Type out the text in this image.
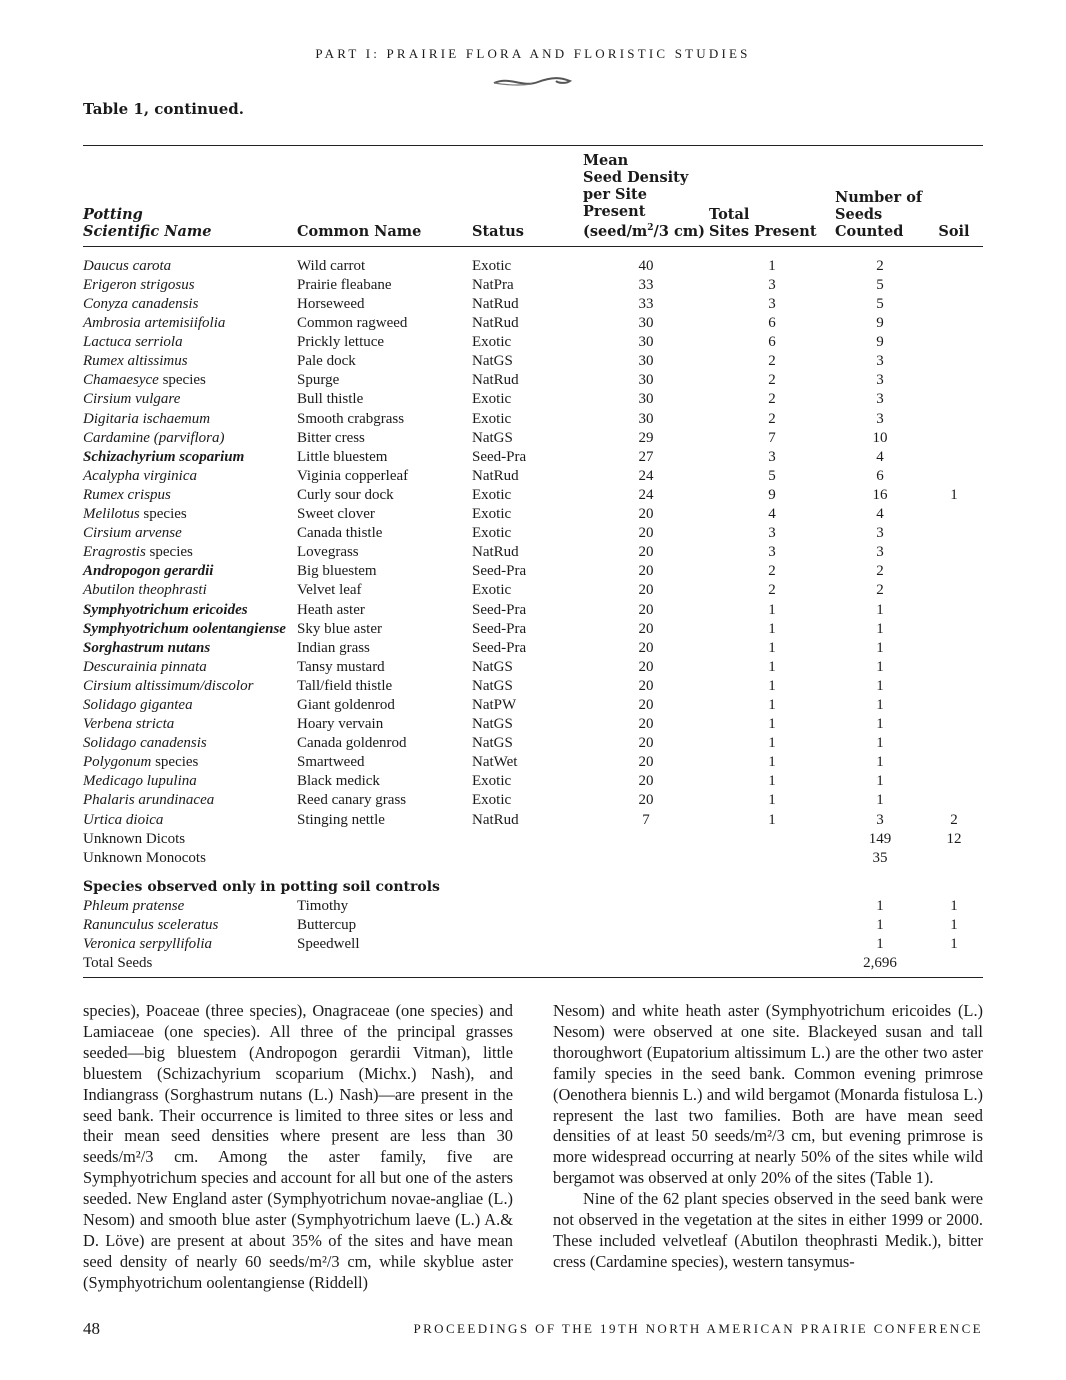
PART I: PRAIRIE FLORA AND FLORISTIC STUDIES
Table 1, continued.
Potting
Scientific Name	Common Name	Status	Mean
Seed Density
per Site Present
($seed/m^2/3$ cm)	Total
Sites Present	Number of
Seeds
Counted	Soil
Daucus carota	Wild carrot	Exotic	40	1	2	
Erigeron strigosus	Prairie fleabane	NatPra	33	3	5	
Conyza canadensis	Horseweed	NatRud	33	3	5	
Ambrosia artemisiifolia	Common ragweed	NatRud	30	6	9	
Lactuca serriola	Prickly lettuce	Exotic	30	6	9	
Rumex altissimus	Pale dock	NatGS	30	2	3	
Chamaesyce species	Spurge	NatRud	30	2	3	
Cirsium vulgare	Bull thistle	Exotic	30	2	3	
Digitaria ischaemum	Smooth crabgrass	Exotic	30	2	3	
Cardamine (parviflora)	Bitter cress	NatGS	29	7	10	
Schizachyrium scoparium	Little bluestem	Seed-Pra	27	3	4	
Acalypha virginica	Viginia copperleaf	NatRud	24	5	6	
Rumex crispus	Curly sour dock	Exotic	24	9	16	1
Melilotus species	Sweet clover	Exotic	20	4	4	
Cirsium arvense	Canada thistle	Exotic	20	3	3	
Eragrostis species	Lovegrass	NatRud	20	3	3	
Andropogon gerardii	Big bluestem	Seed-Pra	20	2	2	
Abutilon theophrasti	Velvet leaf	Exotic	20	2	2	
Symphyotrichum ericoides	Heath aster	Seed-Pra	20	1	1	
Symphyotrichum oolentangiense	Sky blue aster	Seed-Pra	20	1	1	
Sorghastrum nutans	Indian grass	Seed-Pra	20	1	1	
Descurainia pinnata	Tansy mustard	NatGS	20	1	1	
Cirsium altissimum/discolor	Tall/field thistle	NatGS	20	1	1	
Solidago gigantea	Giant goldenrod	NatPW	20	1	1	
Verbena stricta	Hoary vervain	NatGS	20	1	1	
Solidago canadensis	Canada goldenrod	NatGS	20	1	1	
Polygonum species	Smartweed	NatWet	20	1	1	
Medicago lupulina	Black medick	Exotic	20	1	1	
Phalaris arundinacea	Reed canary grass	Exotic	20	1	1	
Urtica dioica	Stinging nettle	NatRud	7	1	3	2
Unknown Dicots					149	12
Unknown Monocots					35	
Species observed only in potting soil controls						
Phleum pratense	Timothy				1	1
Ranunculus sceleratus	Buttercup				1	1
Veronica serpyllifolia	Speedwell				1	1
Total Seeds					2,696	

species), Poaceae (three species), Onagraceae (one species) and Lamiaceae (one species). All three of the principal grasses seeded—big bluestem (Andropogon gerardii Vitman), little bluestem (Schizachyrium scoparium (Michx.) Nash), and Indiangrass (Sorghastrum nutans (L.) Nash)—are present in the seed bank. Their occurrence is limited to three sites or less and their mean seed densities where present are less than 30 seeds/m²/3 cm. Among the aster family, five are Symphyotrichum species and account for all but one of the asters seeded. New England aster (Symphyotrichum novae-angliae (L.) Nesom) and smooth blue aster (Symphyotrichum laeve (L.) A.& D. Löve) are present at about 35% of the sites and have mean seed density of nearly 60 seeds/m²/3 cm, while skyblue aster (Symphyotrichum oolentangiense (Riddell)

Nesom) and white heath aster (Symphyotrichum ericoides (L.) Nesom) were observed at one site. Blackeyed susan and tall thoroughwort (Eupatorium altissimum L.) are the other two aster family species in the seed bank. Common evening primrose (Oenothera biennis L.) and wild bergamot (Monarda fistulosa L.) represent the last two families. Both are have mean seed densities of at least 50 seeds/m²/3 cm, but evening primrose is more widespread occurring at nearly 50% of the sites while wild bergamot was observed at only 20% of the sites (Table 1).

Nine of the 62 plant species observed in the seed bank were not observed in the vegetation at the sites in either 1999 or 2000. These included velvetleaf (Abutilon theophrasti Medik.), bitter cress (Cardamine species), western tansymus-

48	PROCEEDINGS OF THE 19TH NORTH AMERICAN PRAIRIE CONFERENCE
